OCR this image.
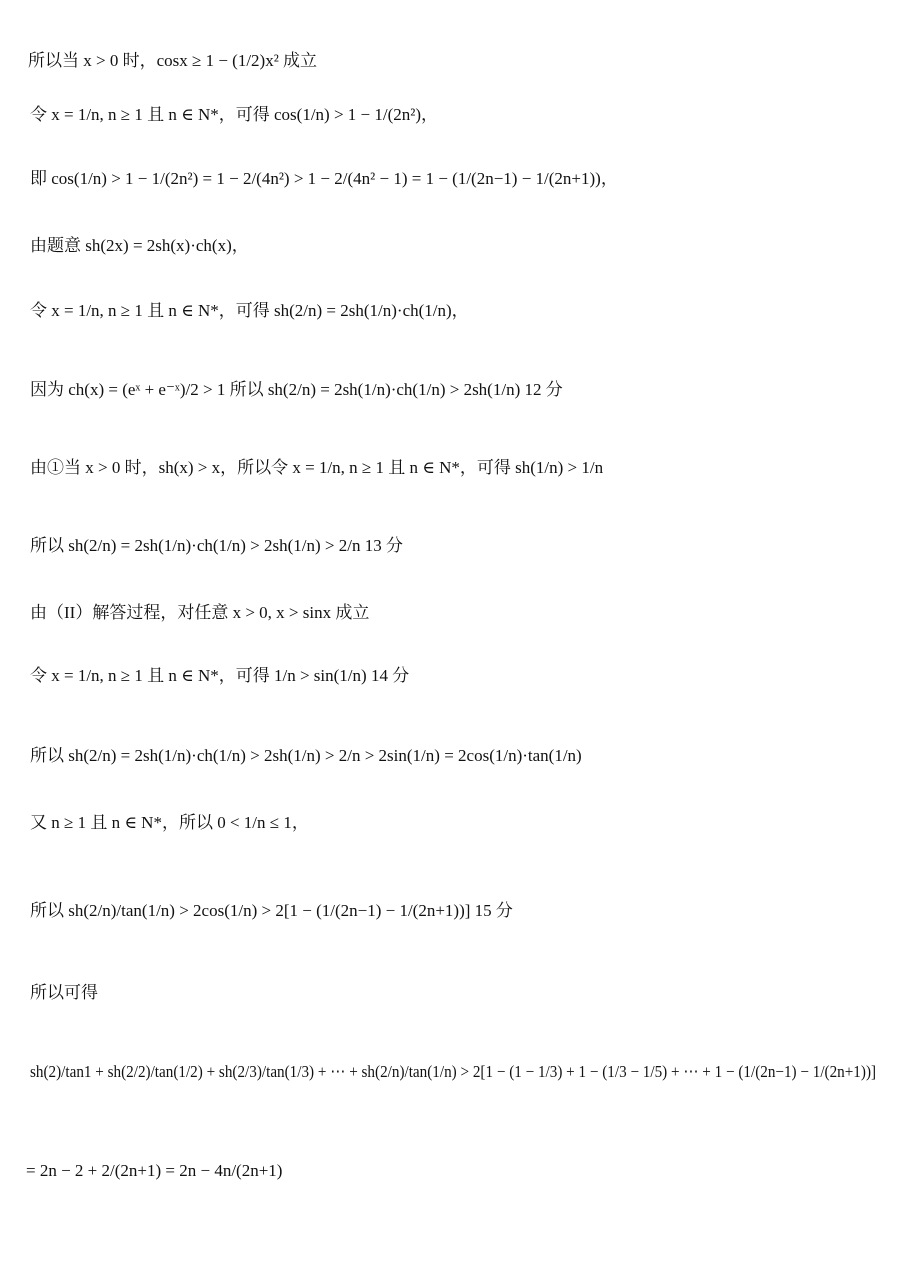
所以当 x > 0 时，cosx ≥ 1 − (1/2)x² 成立
令 x = 1/n, n ≥ 1 且 n ∈ N*，可得 cos(1/n) > 1 − 1/(2n²)，
即 cos(1/n) > 1 − 1/(2n²) = 1 − 2/(4n²) > 1 − 2/(4n² − 1) = 1 − (1/(2n−1) − 1/(2n+1))，
由题意 sh(2x) = 2sh(x)·ch(x)，
令 x = 1/n, n ≥ 1 且 n ∈ N*，可得 sh(2/n) = 2sh(1/n)·ch(1/n)，
因为 ch(x) = (eˣ + e⁻ˣ)/2 > 1 所以 sh(2/n) = 2sh(1/n)·ch(1/n) > 2sh(1/n) 12 分
由①当 x > 0 时，sh(x) > x，所以令 x = 1/n, n ≥ 1 且 n ∈ N*，可得 sh(1/n) > 1/n
所以 sh(2/n) = 2sh(1/n)·ch(1/n) > 2sh(1/n) > 2/n 13 分
由（II）解答过程，对任意 x > 0, x > sinx 成立
令 x = 1/n, n ≥ 1 且 n ∈ N*，可得 1/n > sin(1/n) 14 分
所以 sh(2/n) = 2sh(1/n)·ch(1/n) > 2sh(1/n) > 2/n > 2sin(1/n) = 2cos(1/n)·tan(1/n)
又 n ≥ 1 且 n ∈ N*，所以 0 < 1/n ≤ 1，
所以 sh(2/n)/tan(1/n) > 2cos(1/n) > 2[1 − (1/(2n−1) − 1/(2n+1))] 15 分
所以可得
sh(2)/tan1 + sh(2/2)/tan(1/2) + sh(2/3)/tan(1/3) + ⋯ + sh(2/n)/tan(1/n) > 2[1 − (1 − 1/3) + 1 − (1/3 − 1/5) + ⋯ + 1 − (1/(2n−1) − 1/(2n+1))]
= 2n − 2 + 2/(2n+1) = 2n − 4n/(2n+1)
